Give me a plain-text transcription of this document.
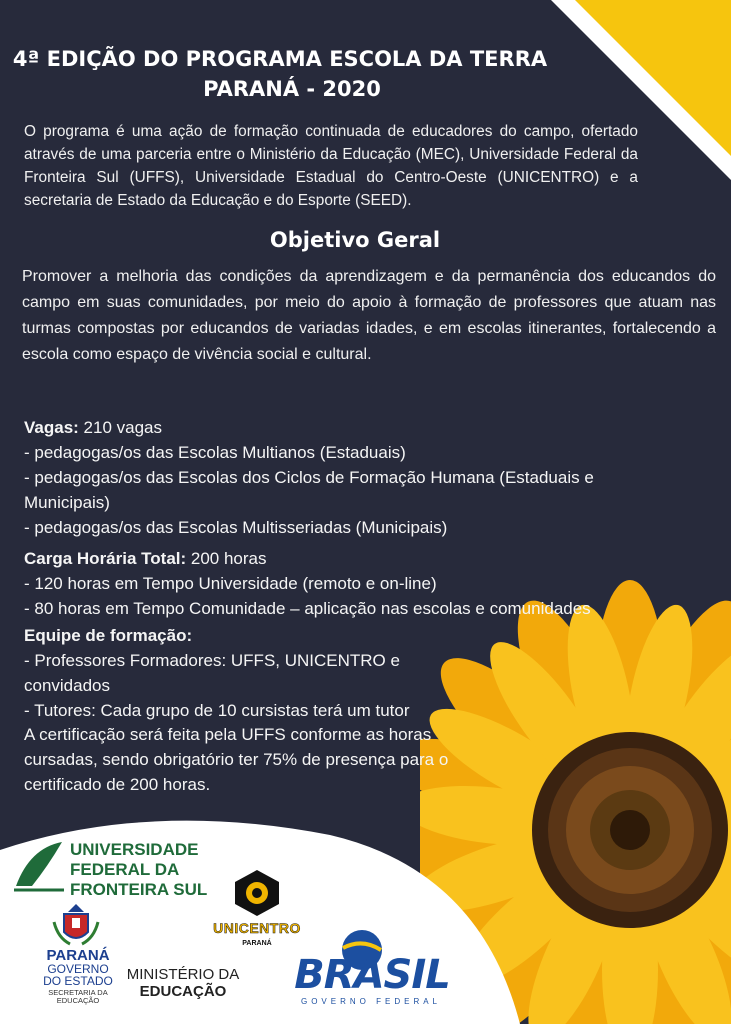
4ª EDIÇÃO DO PROGRAMA ESCOLA DA TERRA
PARANÁ - 2020
O programa é uma ação de formação continuada de educadores do campo, ofertado através de uma parceria entre o Ministério da Educação (MEC), Universidade Federal da Fronteira Sul (UFFS), Universidade Estadual do Centro-Oeste (UNICENTRO) e a secretaria de Estado da Educação e do Esporte (SEED).
Objetivo Geral
Promover a melhoria das condições da aprendizagem e da permanência dos educandos do campo em suas comunidades, por meio do apoio à formação de professores que atuam nas turmas compostas por educandos de variadas idades, e em escolas itinerantes, fortalecendo a escola como espaço de vivência social e cultural.
UNIVERSIDADE
FEDERAL DA
FRONTEIRA SUL
PARANÁ
GOVERNO
DO ESTADO
SECRETARIA DA EDUCAÇÃO
MINISTÉRIO DA
EDUCAÇÃO
UNICENTRO
PARANÁ
BRASIL
GOVERNO FEDERAL
Vagas: 210 vagas
- pedagogas/os das Escolas Multianos (Estaduais)
- pedagogas/os das Escolas dos Ciclos de Formação Humana (Estaduais e Municipais)
- pedagogas/os das Escolas Multisseriadas (Municipais)
Carga Horária Total: 200 horas
- 120 horas em Tempo Universidade (remoto e on-line)
- 80 horas em Tempo Comunidade – aplicação nas escolas e comunidades
Equipe de formação:
- Professores Formadores: UFFS, UNICENTRO e convidados
- Tutores: Cada grupo de 10 cursistas terá um tutor
A certificação será feita pela UFFS conforme as horas cursadas, sendo obrigatório ter 75% de presença para o certificado de 200 horas.
